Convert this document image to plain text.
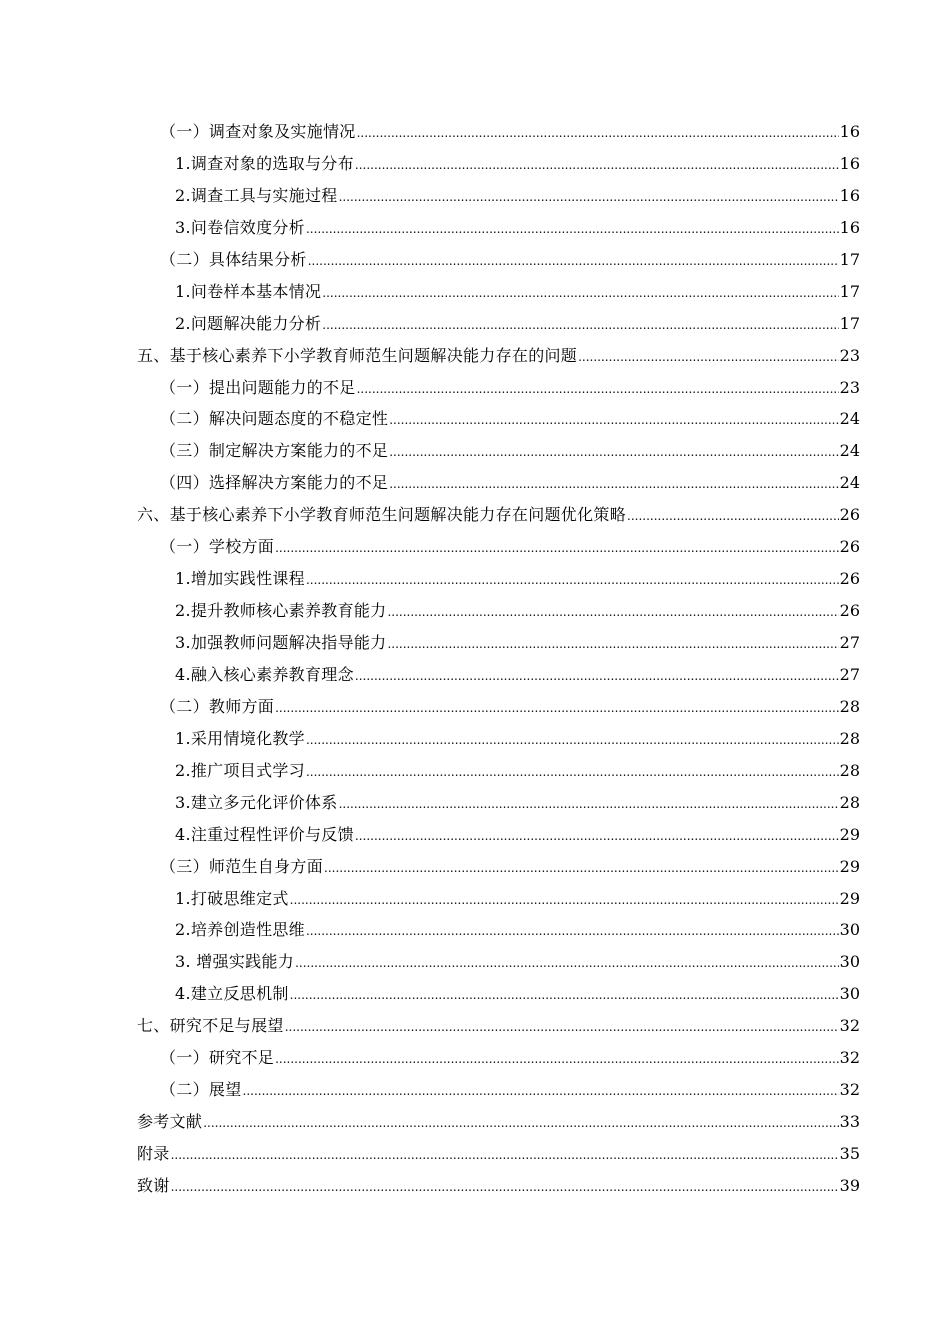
（一）调查对象及实施情况 .....	16
1.调查对象的选取与分布 .....	16
2.调查工具与实施过程 .....	16
3.问卷信效度分析 .....	16
（二）具体结果分析 .....	17
1.问卷样本基本情况 .....	17
2.问题解决能力分析 .....	17
五、基于核心素养下小学教育师范生问题解决能力存在的问题 .....	23
（一）提出问题能力的不足 .....	23
（二）解决问题态度的不稳定性 .....	24
（三）制定解决方案能力的不足 .....	24
（四）选择解决方案能力的不足 .....	24
六、基于核心素养下小学教育师范生问题解决能力存在问题优化策略 .....	26
（一）学校方面 .....	26
1.增加实践性课程 .....	26
2.提升教师核心素养教育能力 .....	26
3.加强教师问题解决指导能力 .....	27
4.融入核心素养教育理念 .....	27
（二）教师方面 .....	28
1.采用情境化教学 .....	28
2.推广项目式学习 .....	28
3.建立多元化评价体系 .....	28
4.注重过程性评价与反馈 .....	29
（三）师范生自身方面 .....	29
1.打破思维定式 .....	29
2.培养创造性思维 .....	30
3. 增强实践能力 .....	30
4.建立反思机制 .....	30
七、研究不足与展望 .....	32
（一）研究不足 .....	32
（二）展望 .....	32
参考文献 .....	33
附录 .....	35
致谢 .....	39
